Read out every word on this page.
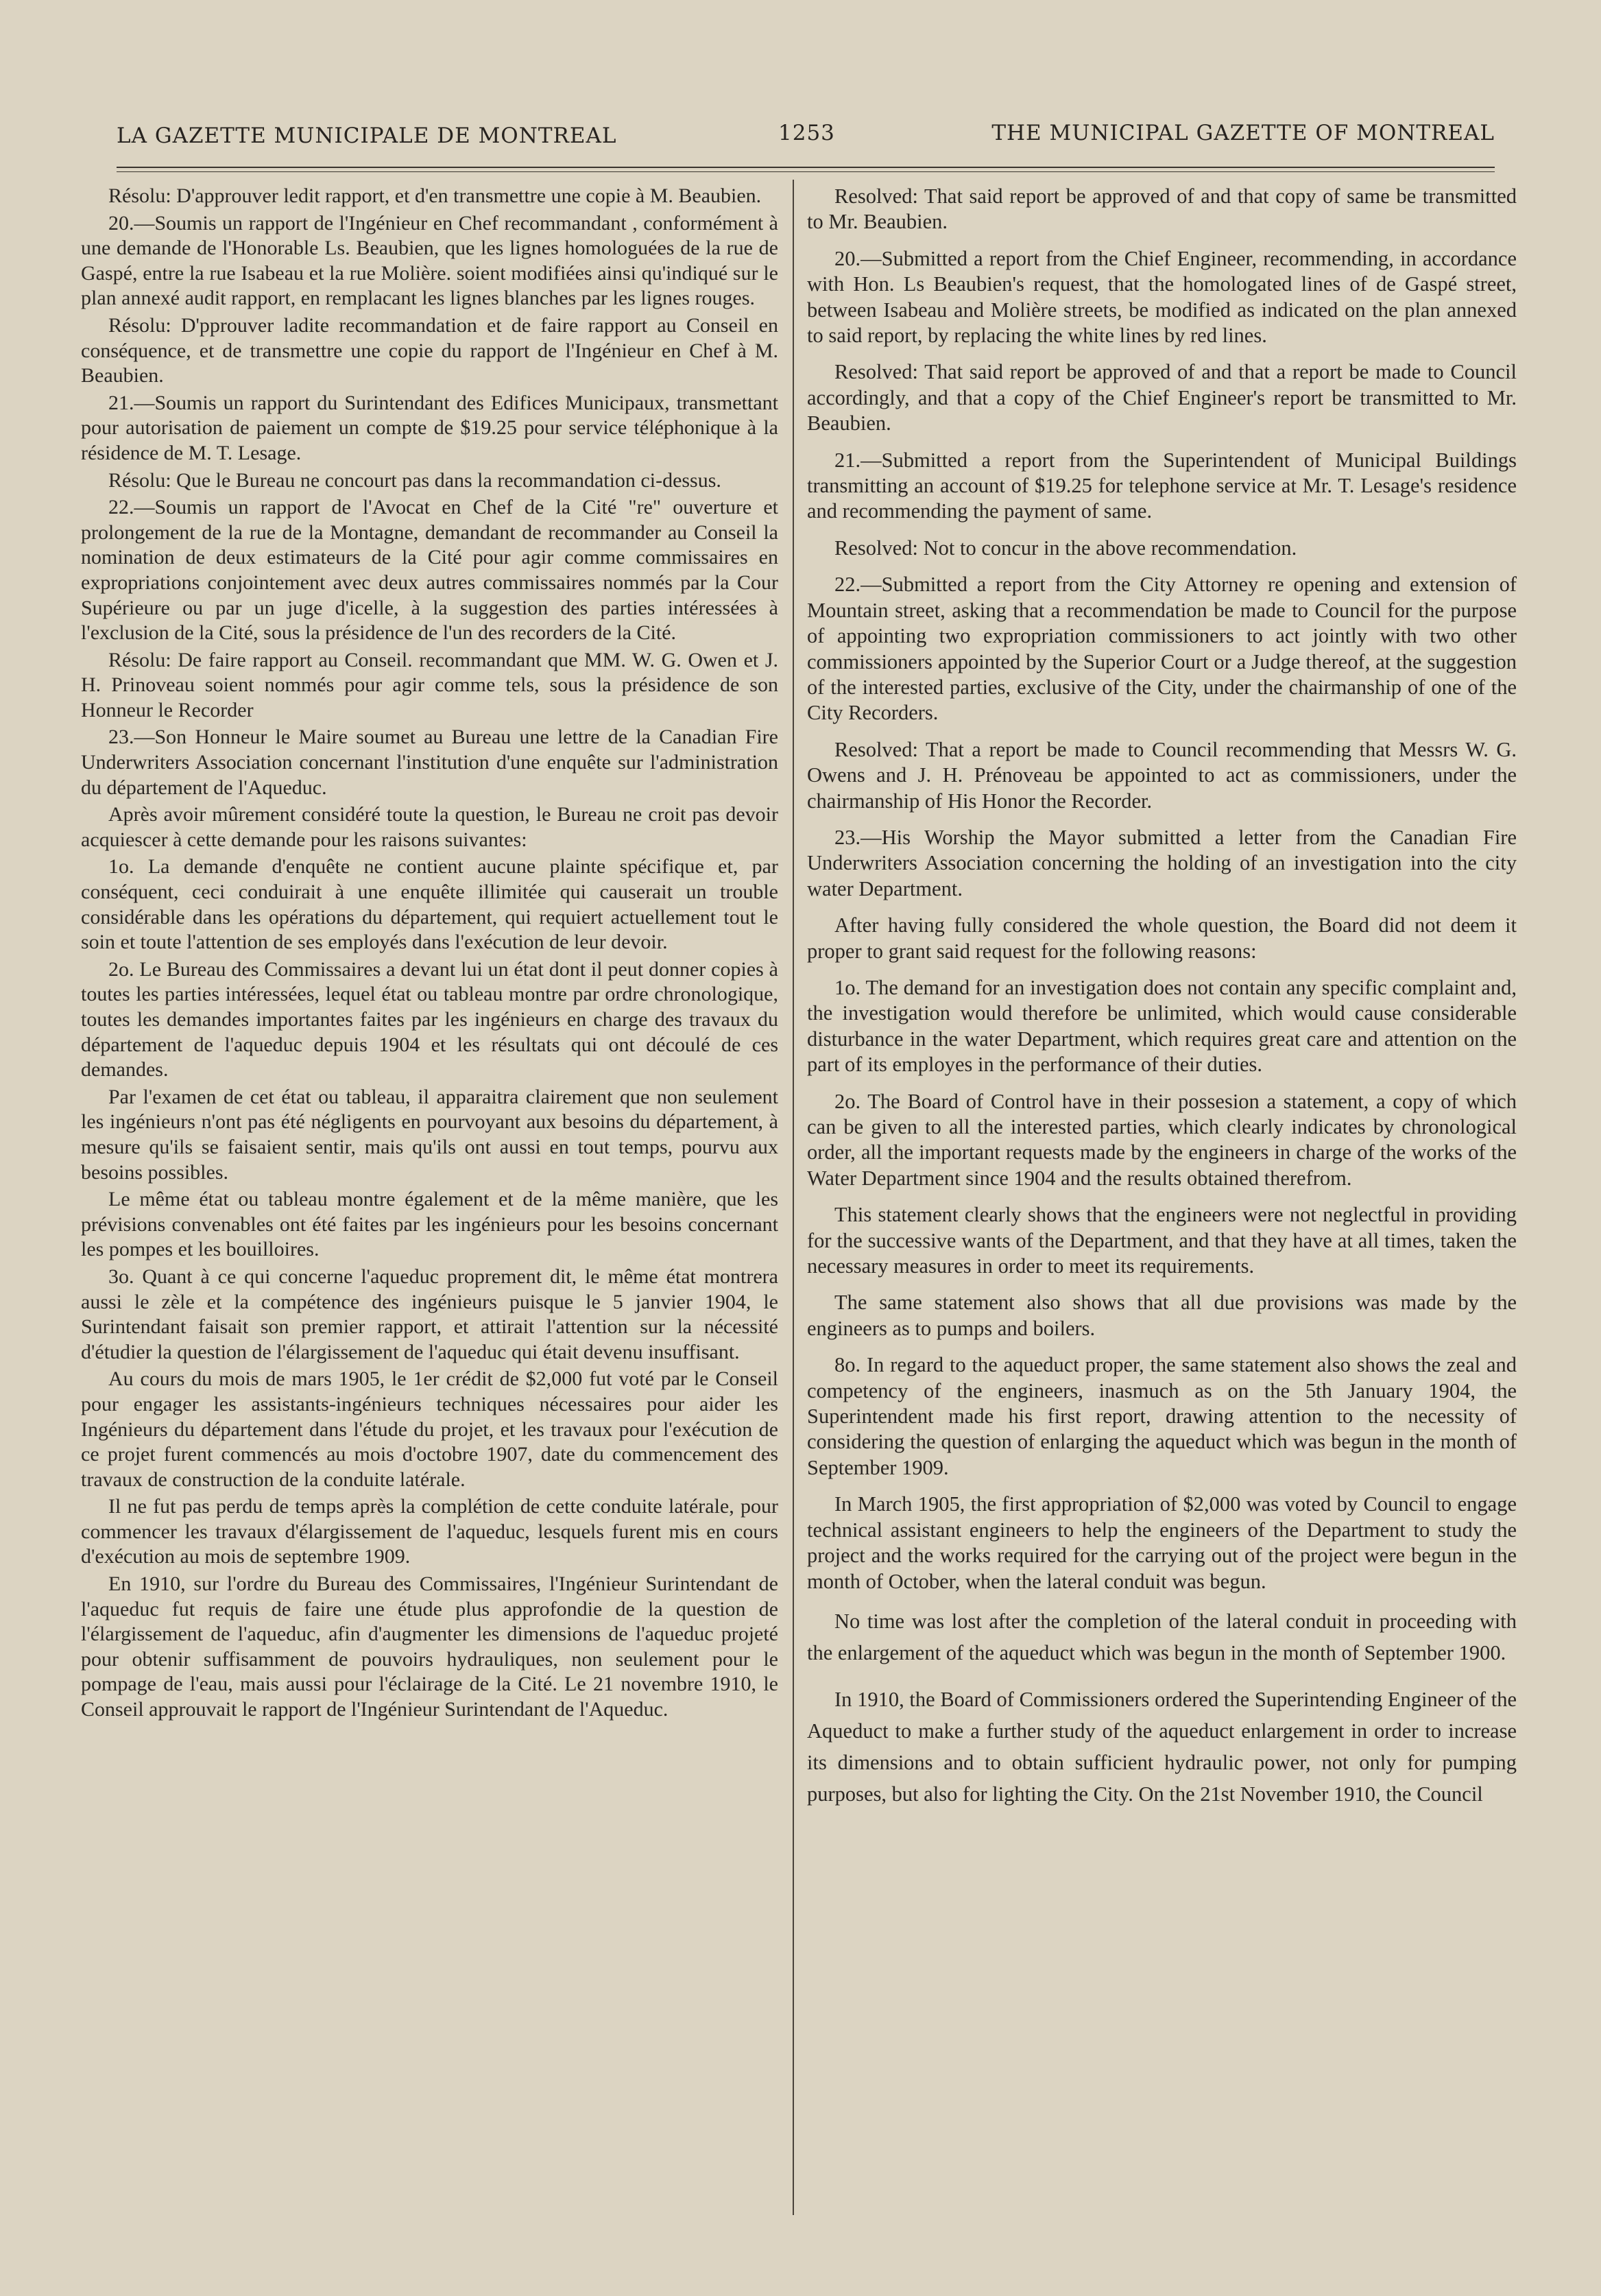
LA GAZETTE MUNICIPALE DE MONTREAL	1253	THE MUNICIPAL GAZETTE OF MONTREAL

Résolu: D'approuver ledit rapport, et d'en transmettre une copie à M. Beaubien.

20.—Soumis un rapport de l'Ingénieur en Chef recommandant , conformément à une demande de l'Honorable Ls. Beaubien, que les lignes homologuées de la rue de Gaspé, entre la rue Isabeau et la rue Molière. soient modifiées ainsi qu'indiqué sur le plan annexé audit rapport, en remplacant les lignes blanches par les lignes rouges.

Résolu: D'pprouver ladite recommandation et de faire rapport au Conseil en conséquence, et de transmettre une copie du rapport de l'Ingénieur en Chef à M. Beaubien.

21.—Soumis un rapport du Surintendant des Edifices Municipaux, transmettant pour autorisation de paiement un compte de $19.25 pour service téléphonique à la résidence de M. T. Lesage.

Résolu: Que le Bureau ne concourt pas dans la recommandation ci-dessus.

22.—Soumis un rapport de l'Avocat en Chef de la Cité "re" ouverture et prolongement de la rue de la Montagne, demandant de recommander au Conseil la nomination de deux estimateurs de la Cité pour agir comme commissaires en expropriations conjointement avec deux autres commissaires nommés par la Cour Supérieure ou par un juge d'icelle, à la suggestion des parties intéressées à l'exclusion de la Cité, sous la présidence de l'un des recorders de la Cité.

Résolu: De faire rapport au Conseil. recommandant que MM. W. G. Owen et J. H. Prinoveau soient nommés pour agir comme tels, sous la présidence de son Honneur le Recorder

23.—Son Honneur le Maire soumet au Bureau une lettre de la Canadian Fire Underwriters Association concernant l'institution d'une enquête sur l'administration du département de l'Aqueduc.

Après avoir mûrement considéré toute la question, le Bureau ne croit pas devoir acquiescer à cette demande pour les raisons suivantes:

1o. La demande d'enquête ne contient aucune plainte spécifique et, par conséquent, ceci conduirait à une enquête illimitée qui causerait un trouble considérable dans les opérations du département, qui requiert actuellement tout le soin et toute l'attention de ses employés dans l'exécution de leur devoir.

2o. Le Bureau des Commissaires a devant lui un état dont il peut donner copies à toutes les parties intéressées, lequel état ou tableau montre par ordre chronologique, toutes les demandes importantes faites par les ingénieurs en charge des travaux du département de l'aqueduc depuis 1904 et les résultats qui ont découlé de ces demandes.

Par l'examen de cet état ou tableau, il apparaitra clairement que non seulement les ingénieurs n'ont pas été négligents en pourvoyant aux besoins du département, à mesure qu'ils se faisaient sentir, mais qu'ils ont aussi en tout temps, pourvu aux besoins possibles.

Le même état ou tableau montre également et de la même manière, que les prévisions convenables ont été faites par les ingénieurs pour les besoins concernant les pompes et les bouilloires.

3o. Quant à ce qui concerne l'aqueduc proprement dit, le même état montrera aussi le zèle et la compétence des ingénieurs puisque le 5 janvier 1904, le Surintendant faisait son premier rapport, et attirait l'attention sur la nécessité d'étudier la question de l'élargissement de l'aqueduc qui était devenu insuffisant.

Au cours du mois de mars 1905, le 1er crédit de $2,000 fut voté par le Conseil pour engager les assistants-ingénieurs techniques nécessaires pour aider les Ingénieurs du département dans l'étude du projet, et les travaux pour l'exécution de ce projet furent commencés au mois d'octobre 1907, date du commencement des travaux de construction de la conduite latérale.

Il ne fut pas perdu de temps après la complétion de cette conduite latérale, pour commencer les travaux d'élargissement de l'aqueduc, lesquels furent mis en cours d'exécution au mois de septembre 1909.

En 1910, sur l'ordre du Bureau des Commissaires, l'Ingénieur Surintendant de l'aqueduc fut requis de faire une étude plus approfondie de la question de l'élargissement de l'aqueduc, afin d'augmenter les dimensions de l'aqueduc projeté pour obtenir suffisamment de pouvoirs hydrauliques, non seulement pour le pompage de l'eau, mais aussi pour l'éclairage de la Cité. Le 21 novembre 1910, le Conseil approuvait le rapport de l'Ingénieur Surintendant de l'Aqueduc.

Resolved: That said report be approved of and that copy of same be transmitted to Mr. Beaubien.

20.—Submitted a report from the Chief Engineer, recommending, in accordance with Hon. Ls Beaubien's request, that the homologated lines of de Gaspé street, between Isabeau and Molière streets, be modified as indicated on the plan annexed to said report, by replacing the white lines by red lines.

Resolved: That said report be approved of and that a report be made to Council accordingly, and that a copy of the Chief Engineer's report be transmitted to Mr. Beaubien.

21.—Submitted a report from the Superintendent of Municipal Buildings transmitting an account of $19.25 for telephone service at Mr. T. Lesage's residence and recommending the payment of same.

Resolved: Not to concur in the above recommendation.

22.—Submitted a report from the City Attorney re opening and extension of Mountain street, asking that a recommendation be made to Council for the purpose of appointing two expropriation commissioners to act jointly with two other commissioners appointed by the Superior Court or a Judge thereof, at the suggestion of the interested parties, exclusive of the City, under the chairmanship of one of the City Recorders.

Resolved: That a report be made to Council recommending that Messrs W. G. Owens and J. H. Prénoveau be appointed to act as commissioners, under the chairmanship of His Honor the Recorder.

23.—His Worship the Mayor submitted a letter from the Canadian Fire Underwriters Association concerning the holding of an investigation into the city water Department.

After having fully considered the whole question, the Board did not deem it proper to grant said request for the following reasons:

1o. The demand for an investigation does not contain any specific complaint and, the investigation would therefore be unlimited, which would cause considerable disturbance in the water Department, which requires great care and attention on the part of its employes in the performance of their duties.

2o. The Board of Control have in their possesion a statement, a copy of which can be given to all the interested parties, which clearly indicates by chronological order, all the important requests made by the engineers in charge of the works of the Water Department since 1904 and the results obtained therefrom.

This statement clearly shows that the engineers were not neglectful in providing for the successive wants of the Department, and that they have at all times, taken the necessary measures in order to meet its requirements.

The same statement also shows that all due provisions was made by the engineers as to pumps and boilers.

8o. In regard to the aqueduct proper, the same statement also shows the zeal and competency of the engineers, inasmuch as on the 5th January 1904, the Superintendent made his first report, drawing attention to the necessity of considering the question of enlarging the aqueduct which was begun in the month of September 1909.

In March 1905, the first appropriation of $2,000 was voted by Council to engage technical assistant engineers to help the engineers of the Department to study the project and the works required for the carrying out of the project were begun in the month of October, when the lateral conduit was begun.

No time was lost after the completion of the lateral conduit in proceeding with the enlargement of the aqueduct which was begun in the month of September 1900.

In 1910, the Board of Commissioners ordered the Superintending Engineer of the Aqueduct to make a further study of the aqueduct enlargement in order to increase its dimensions and to obtain sufficient hydraulic power, not only for pumping purposes, but also for lighting the City. On the 21st November 1910, the Council
